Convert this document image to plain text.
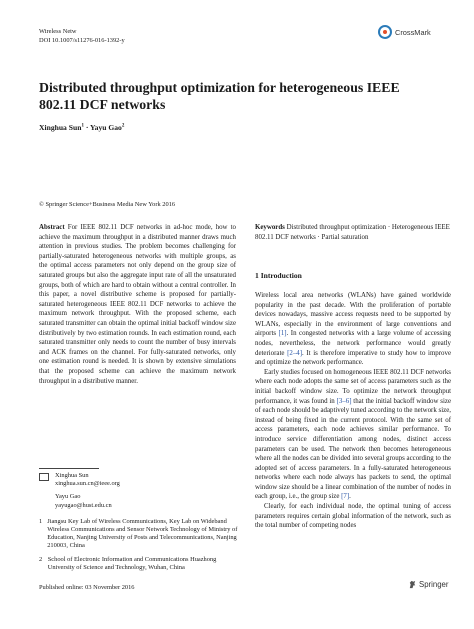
Wireless Netw
DOI 10.1007/s11276-016-1392-y
CrossMark
Distributed throughput optimization for heterogeneous IEEE 802.11 DCF networks
Xinghua Sun$^1$ · Yayu Gao$^2$
© Springer Science+Business Media New York 2016
Abstract For IEEE 802.11 DCF networks in ad-hoc mode, how to achieve the maximum throughput in a distributed manner draws much attention in previous studies. The problem becomes challenging for partially-saturated heterogeneous networks with multiple groups, as the optimal access parameters not only depend on the group size of saturated groups but also the aggregate input rate of all the unsaturated groups, both of which are hard to obtain without a central controller. In this paper, a novel distributive scheme is proposed for partially-saturated heterogeneous IEEE 802.11 DCF networks to achieve the maximum network throughput. With the proposed scheme, each saturated transmitter can obtain the optimal initial backoff window size distributively by two estimation rounds. In each estimation round, each saturated transmitter only needs to count the number of busy intervals and ACK frames on the channel. For fully-saturated networks, only one estimation round is needed. It is shown by extensive simulations that the proposed scheme can achieve the maximum network throughput in a distributive manner.
Keywords Distributed throughput optimization · Heterogeneous IEEE 802.11 DCF networks · Partial saturation
1 Introduction
Wireless local area networks (WLANs) have gained worldwide popularity in the past decade. With the proliferation of portable devices nowadays, massive access requests need to be supported by WLANs, especially in the environment of large conventions and airports [1]. In congested networks with a large volume of accessing nodes, nevertheless, the network performance would greatly deteriorate [2–4]. It is therefore imperative to study how to improve and optimize the network performance.
Early studies focused on homogeneous IEEE 802.11 DCF networks where each node adopts the same set of access parameters such as the initial backoff window size. To optimize the network throughput performance, it was found in [3–6] that the initial backoff window size of each node should be adaptively tuned according to the network size, instead of being fixed in the current protocol. With the same set of access parameters, each node achieves similar performance. To introduce service differentiation among nodes, distinct access parameters can be used. The network then becomes heterogeneous where all the nodes can be divided into several groups according to the adopted set of access parameters. In a fully-saturated heterogeneous networks where each node always has packets to send, the optimal window size should be a linear combination of the number of nodes in each group, i.e., the group size [7].
Clearly, for each individual node, the optimal tuning of access parameters requires certain global information of the network, such as the total number of competing nodes
Xinghua Sun
xinghua.sun.cn@ieee.org
Yayu Gao
yayugao@hust.edu.cn
1 Jiangsu Key Lab of Wireless Communications, Key Lab on Wideband Wireless Communications and Sensor Network Technology of Ministry of Education, Nanjing University of Posts and Telecommunications, Nanjing 210003, China
2 School of Electronic Information and Communications Huazhong University of Science and Technology, Wuhan, China
Published online: 03 November 2016	Springer
